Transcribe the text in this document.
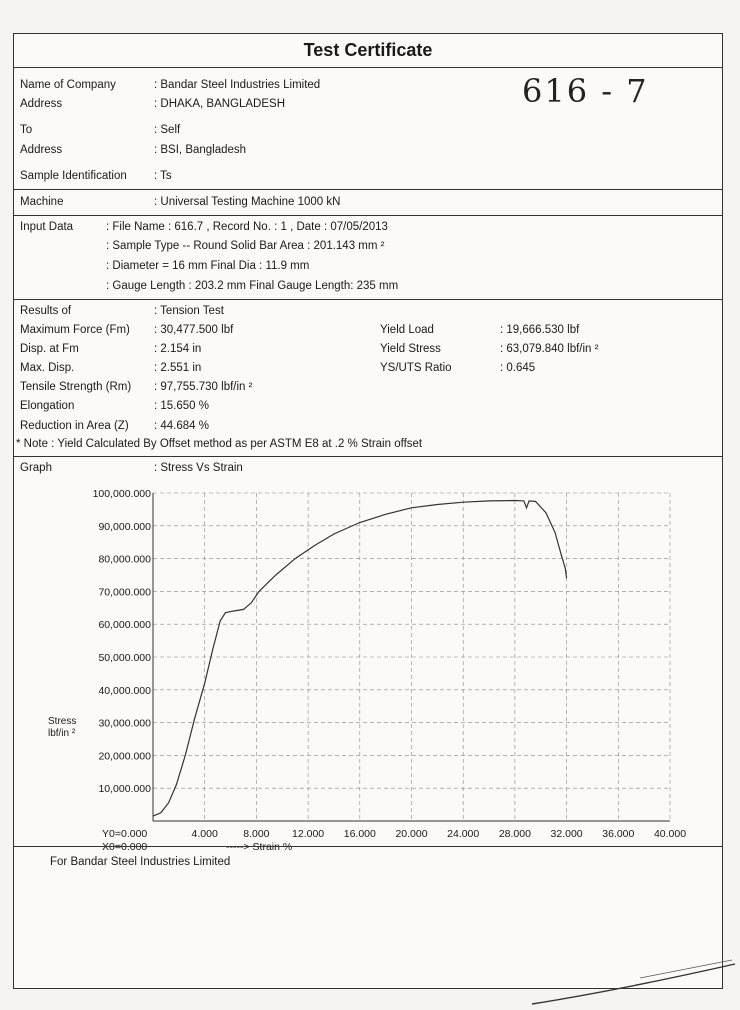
Test Certificate
616 - 7
Name of Company	: Bandar Steel Industries Limited
Address	: DHAKA, BANGLADESH
To	: Self
Address	: BSI, Bangladesh
Sample Identification : Ts
Machine	: Universal Testing Machine 1000 kN
Input Data	: File Name : 616.7 , Record No. : 1 , Date : 07/05/2013
: Sample Type -- Round Solid Bar Area : 201.143 mm ²
: Diameter = 16 mm Final Dia : 11.9 mm
: Gauge Length : 203.2 mm Final Gauge Length: 235 mm
Results of	: Tension Test
Maximum Force (Fm) : 30,477.500 lbf
Disp. at Fm	: 2.154 in
Max. Disp.	: 2.551 in
Tensile Strength (Rm) : 97,755.730 lbf/in ²
Elongation	: 15.650 %
Reduction in Area (Z) : 44.684 %
Yield Load	: 19,666.530 lbf
Yield Stress	: 63,079.840 lbf/in ²
YS/UTS Ratio	: 0.645
* Note : Yield Calculated By Offset method as per ASTM E8 at .2 % Strain offset
Graph	: Stress Vs Strain
10,000.000
20,000.000
30,000.000
40,000.000
50,000.000
60,000.000
70,000.000
80,000.000
90,000.000
100,000.000
4.000 8.000 12.000 16.000 20.000 24.000 28.000 32.000 36.000 40.000
Y0=0.000
X0=0.000	-----> Strain %
Stress
lbf/in ²
For Bandar Steel Industries Limited
